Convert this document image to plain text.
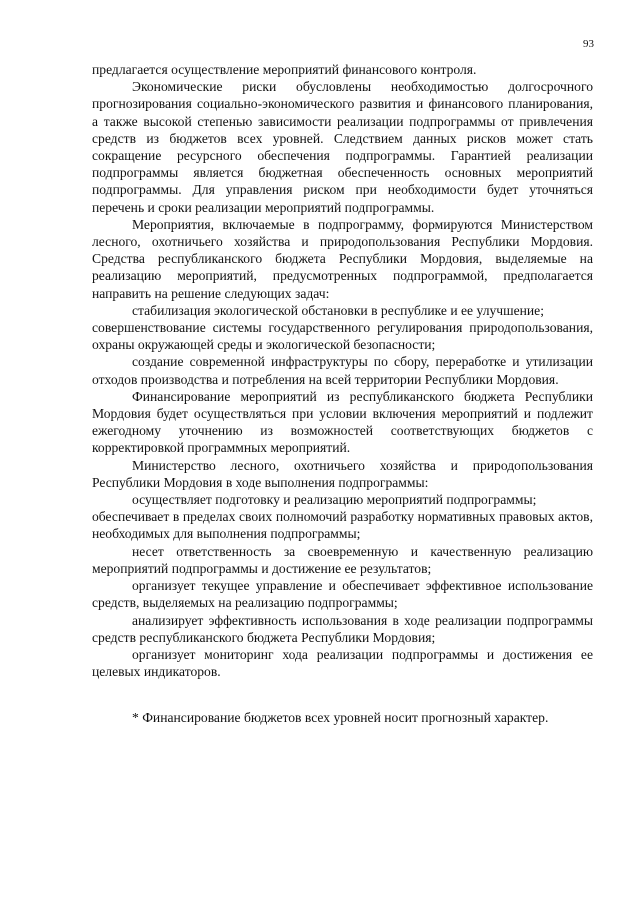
93

предлагается осуществление мероприятий финансового контроля.

Экономические риски обусловлены необходимостью долгосрочного прогнозирования социально-экономического развития и финансового планирования, а также высокой степенью зависимости реализации подпрограммы от привлечения средств из бюджетов всех уровней. Следствием данных рисков может стать сокращение ресурсного обеспечения подпрограммы. Гарантией реализации подпрограммы является бюджетная обеспеченность основных мероприятий подпрограммы. Для управления риском при необходимости будет уточняться перечень и сроки реализации мероприятий подпрограммы.

Мероприятия, включаемые в подпрограмму, формируются Министерством лесного, охотничьего хозяйства и природопользования Республики Мордовия. Средства республиканского бюджета Республики Мордовия, выделяемые на реализацию мероприятий, предусмотренных подпрограммой, предполагается направить на решение следующих задач:

стабилизация экологической обстановки в республике и ее улучшение;

совершенствование системы государственного регулирования природопользования, охраны окружающей среды и экологической безопасности;

создание современной инфраструктуры по сбору, переработке и утилизации отходов производства и потребления на всей территории Республики Мордовия.

Финансирование мероприятий из республиканского бюджета Республики Мордовия будет осуществляться при условии включения мероприятий и подлежит ежегодному уточнению из возможностей соответствующих бюджетов с корректировкой программных мероприятий.

Министерство лесного, охотничьего хозяйства и природопользования Республики Мордовия в ходе выполнения подпрограммы:

осуществляет подготовку и реализацию мероприятий подпрограммы;

обеспечивает в пределах своих полномочий разработку нормативных правовых актов, необходимых для выполнения подпрограммы;

несет ответственность за своевременную и качественную реализацию мероприятий подпрограммы и достижение ее результатов;

организует текущее управление и обеспечивает эффективное использование средств, выделяемых на реализацию подпрограммы;

анализирует эффективность использования в ходе реализации подпрограммы средств республиканского бюджета Республики Мордовия;

организует мониторинг хода реализации подпрограммы и достижения ее целевых индикаторов.

* Финансирование бюджетов всех уровней носит прогнозный характер.
